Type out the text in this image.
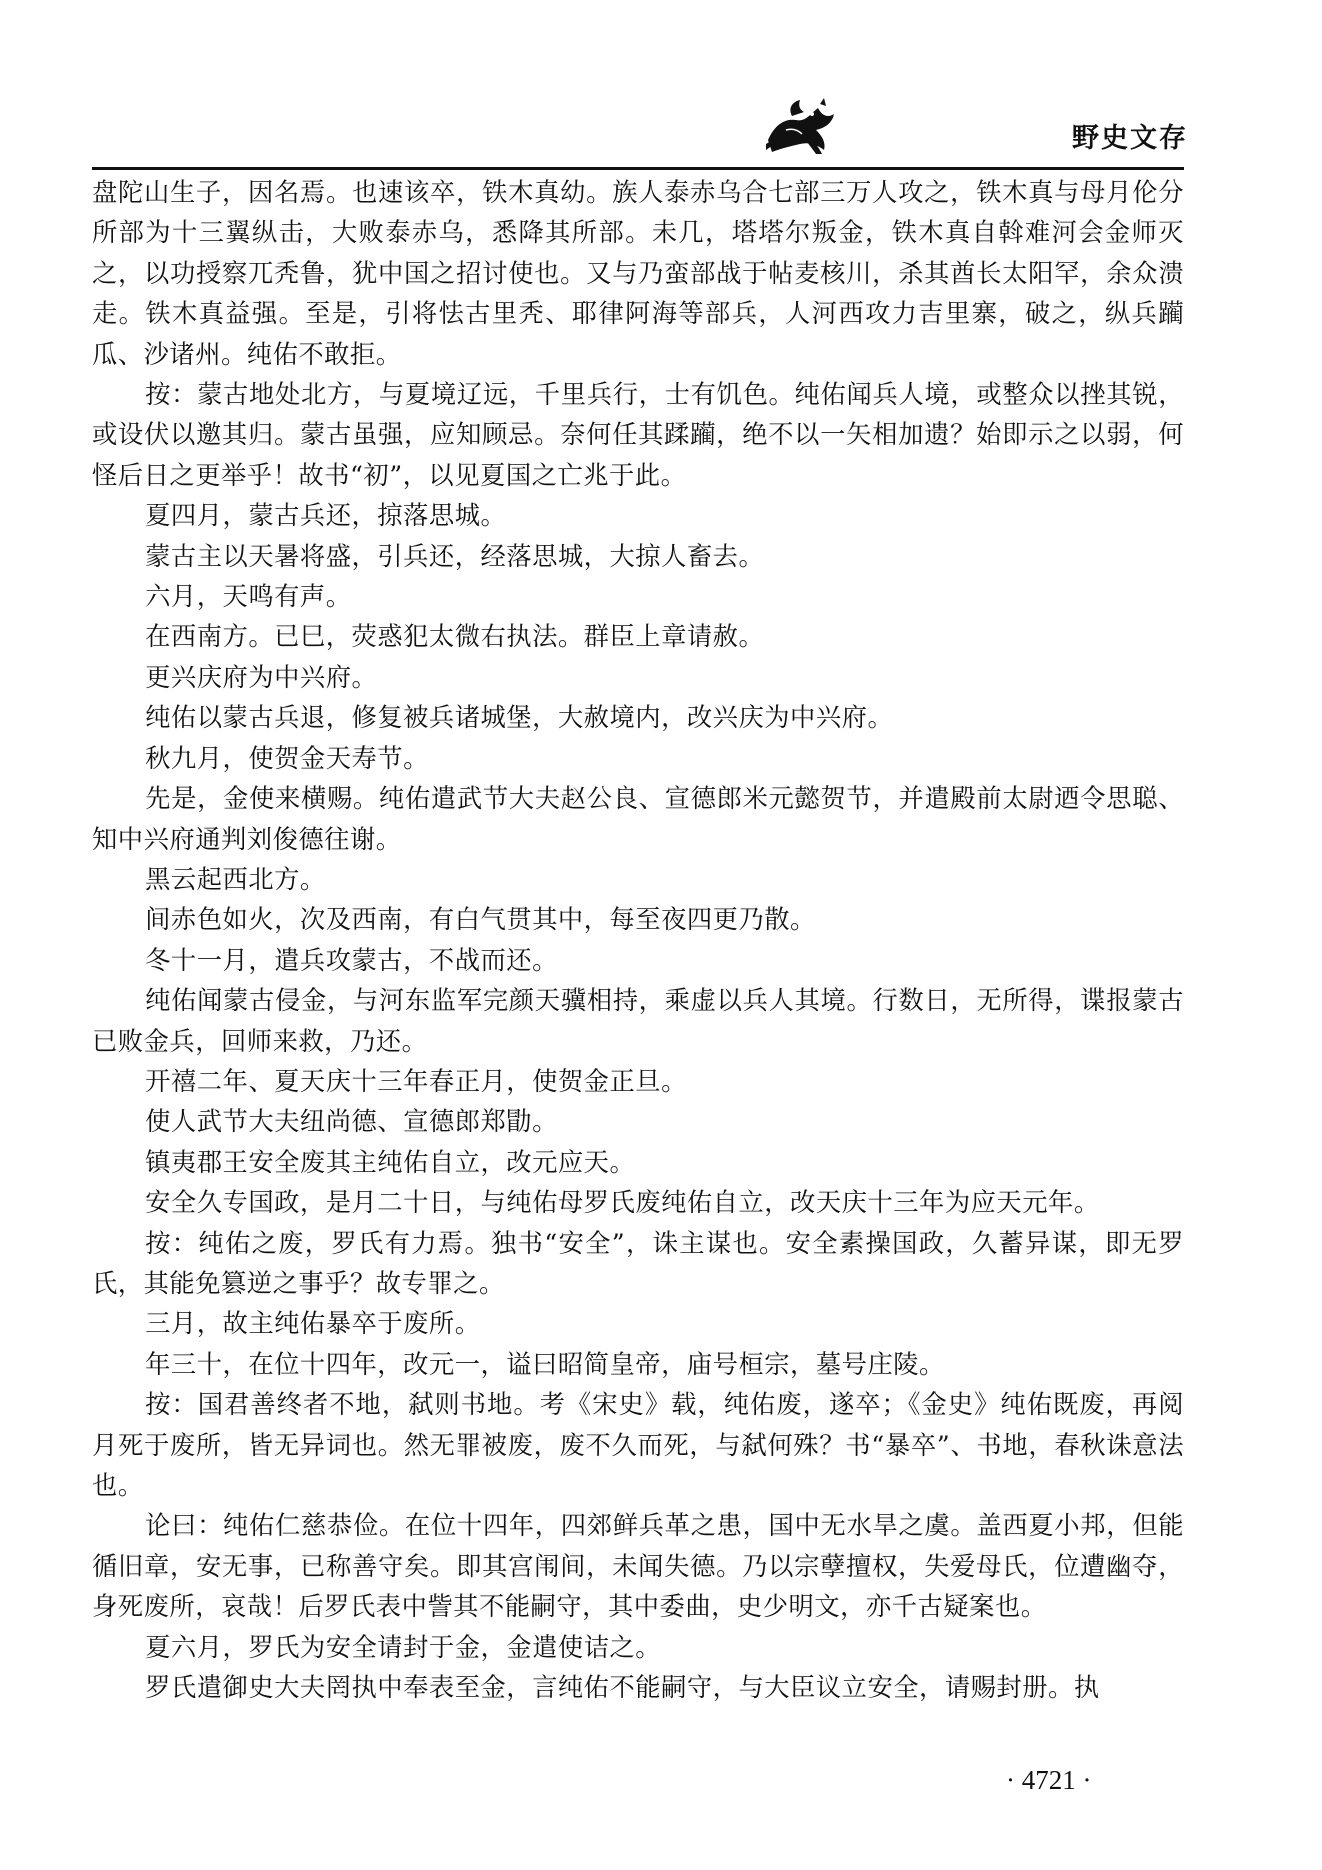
野史文存

盘陀山生子，因名焉。也速该卒，铁木真幼。族人泰赤乌合七部三万人攻之，铁木真与母月伦分所部为十三翼纵击，大败泰赤乌，悉降其所部。未几，塔塔尔叛金，铁木真自斡难河会金师灭之，以功授察兀秃鲁，犹中国之招讨使也。又与乃蛮部战于帖麦核川，杀其酋长太阳罕，余众溃走。铁木真益强。至是，引将怯古里秃、耶律阿海等部兵，人河西攻力吉里寨，破之，纵兵躏瓜、沙诸州。纯佑不敢拒。

按：蒙古地处北方，与夏境辽远，千里兵行，士有饥色。纯佑闻兵人境，或整众以挫其锐，或设伏以邀其归。蒙古虽强，应知顾忌。奈何任其蹂躏，绝不以一矢相加遗？始即示之以弱，何怪后日之更举乎！故书“初”，以见夏国之亡兆于此。

夏四月，蒙古兵还，掠落思城。

蒙古主以天暑将盛，引兵还，经落思城，大掠人畜去。

六月，天鸣有声。

在西南方。已巳，荧惑犯太微右执法。群臣上章请赦。

更兴庆府为中兴府。

纯佑以蒙古兵退，修复被兵诸城堡，大赦境内，改兴庆为中兴府。

秋九月，使贺金天寿节。

先是，金使来横赐。纯佑遣武节大夫赵公良、宣德郎米元懿贺节，并遣殿前太尉迺令思聪、知中兴府通判刘俊德往谢。

黑云起西北方。

间赤色如火，次及西南，有白气贯其中，每至夜四更乃散。

冬十一月，遣兵攻蒙古，不战而还。

纯佑闻蒙古侵金，与河东监军完颜天骥相持，乘虚以兵人其境。行数日，无所得，谍报蒙古已败金兵，回师来救，乃还。

开禧二年、夏天庆十三年春正月，使贺金正旦。

使人武节大夫纽尚德、宣德郎郑勖。

镇夷郡王安全废其主纯佑自立，改元应天。

安全久专国政，是月二十日，与纯佑母罗氏废纯佑自立，改天庆十三年为应天元年。

按：纯佑之废，罗氏有力焉。独书“安全”，诛主谋也。安全素操国政，久蓄异谋，即无罗氏，其能免篡逆之事乎？故专罪之。

三月，故主纯佑暴卒于废所。

年三十，在位十四年，改元一，谥曰昭简皇帝，庙号桓宗，墓号庄陵。

按：国君善终者不地，弑则书地。考《宋史》载，纯佑废，遂卒；《金史》纯佑既废，再阅月死于废所，皆无异词也。然无罪被废，废不久而死，与弑何殊？书“暴卒”、书地，春秋诛意法也。

论曰：纯佑仁慈恭俭。在位十四年，四郊鲜兵革之患，国中无水旱之虞。盖西夏小邦，但能循旧章，安无事，已称善守矣。即其宫闱间，未闻失德。乃以宗孽擅权，失爱母氏，位遭幽夺，身死废所，哀哉！后罗氏表中訾其不能嗣守，其中委曲，史少明文，亦千古疑案也。

夏六月，罗氏为安全请封于金，金遣使诘之。

罗氏遣御史大夫罔执中奉表至金，言纯佑不能嗣守，与大臣议立安全，请赐封册。执

· 4721 ·
